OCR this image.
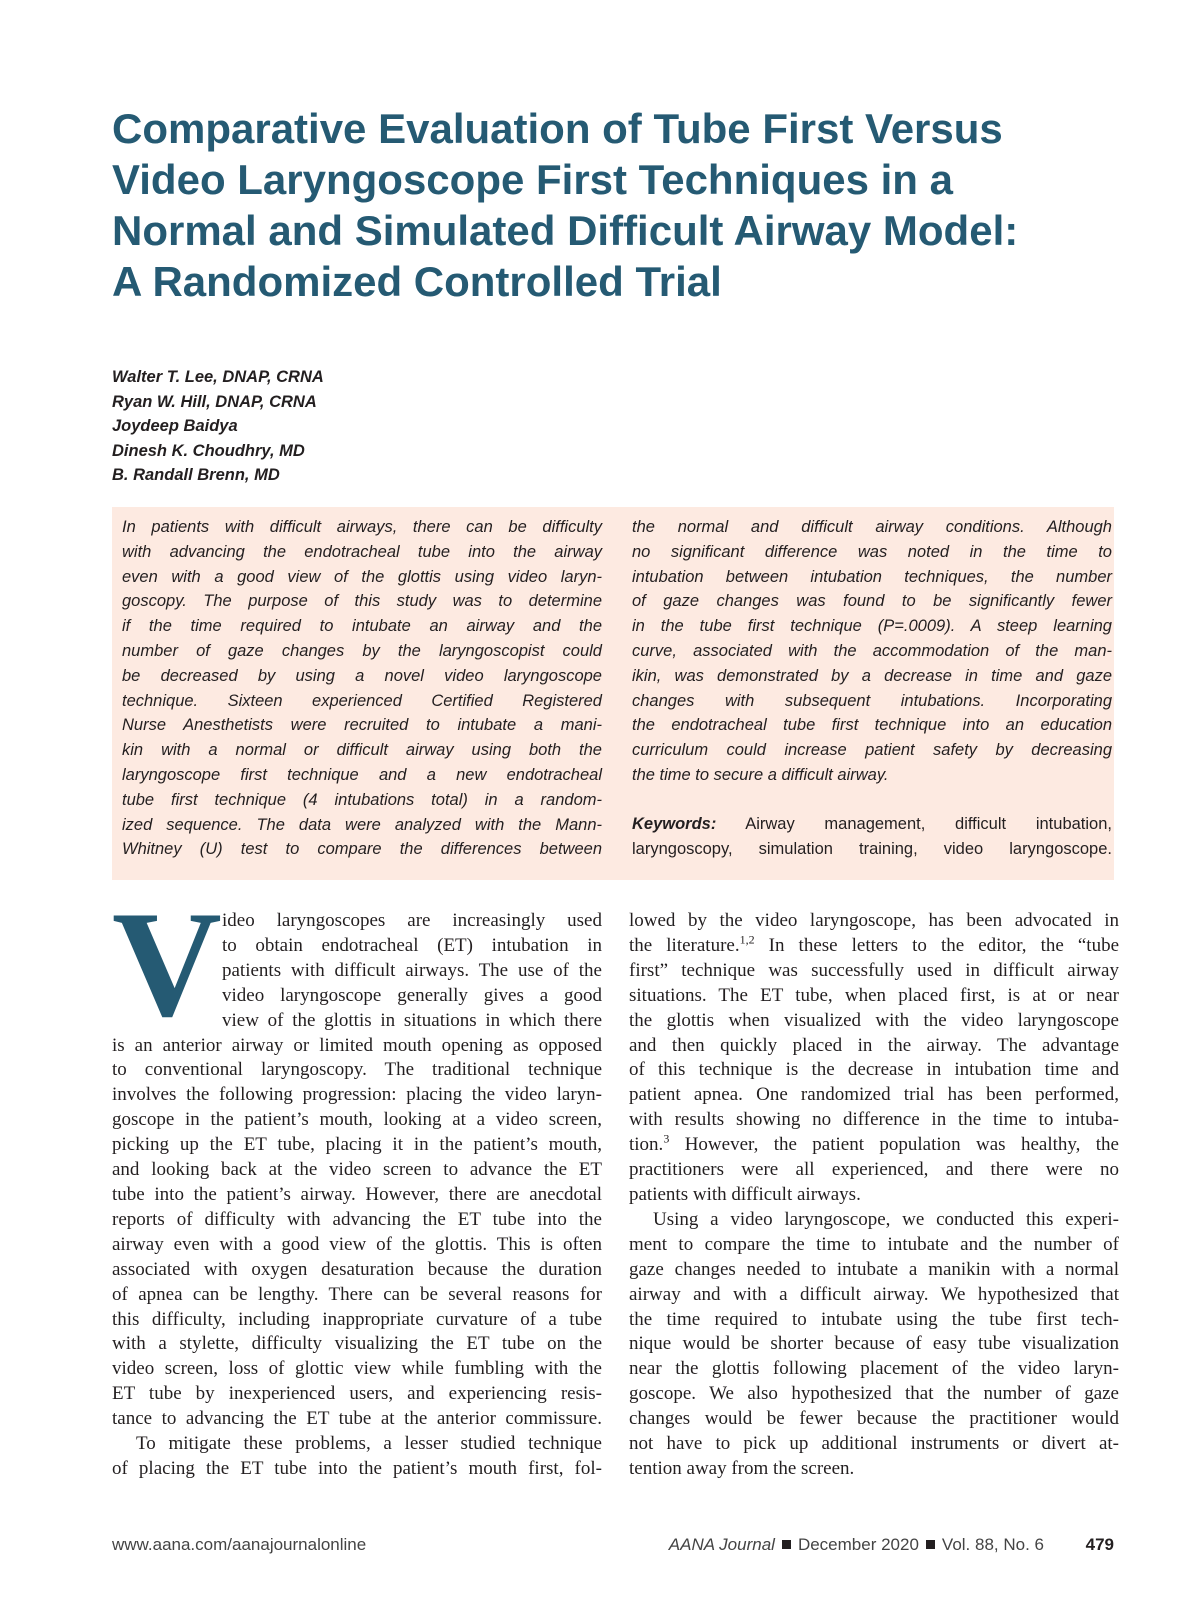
Comparative Evaluation of Tube First Versus
Video Laryngoscope First Techniques in a
Normal and Simulated Difficult Airway Model:
A Randomized Controlled Trial
Walter T. Lee, DNAP, CRNA
Ryan W. Hill, DNAP, CRNA
Joydeep Baidya
Dinesh K. Choudhry, MD
B. Randall Brenn, MD
In patients with difficult airways, there can be difficulty
with advancing the endotracheal tube into the airway
even with a good view of the glottis using video laryn-
goscopy. The purpose of this study was to determine
if the time required to intubate an airway and the
number of gaze changes by the laryngoscopist could
be decreased by using a novel video laryngoscope
technique. Sixteen experienced Certified Registered
Nurse Anesthetists were recruited to intubate a mani-
kin with a normal or difficult airway using both the
laryngoscope first technique and a new endotracheal
tube first technique (4 intubations total) in a random-
ized sequence. The data were analyzed with the Mann-
Whitney (U) test to compare the differences between
the normal and difficult airway conditions. Although
no significant difference was noted in the time to
intubation between intubation techniques, the number
of gaze changes was found to be significantly fewer
in the tube first technique (P=.0009). A steep learning
curve, associated with the accommodation of the man-
ikin, was demonstrated by a decrease in time and gaze
changes with subsequent intubations. Incorporating
the endotracheal tube first technique into an education
curriculum could increase patient safety by decreasing
the time to secure a difficult airway.
Keywords: Airway management, difficult intubation,
laryngoscopy, simulation training, video laryngoscope.
V ideo laryngoscopes are increasingly used
to obtain endotracheal (ET) intubation in
patients with difficult airways. The use of the
video laryngoscope generally gives a good
view of the glottis in situations in which there
is an anterior airway or limited mouth opening as opposed
to conventional laryngoscopy. The traditional technique
involves the following progression: placing the video laryn-
goscope in the patient’s mouth, looking at a video screen,
picking up the ET tube, placing it in the patient’s mouth,
and looking back at the video screen to advance the ET
tube into the patient’s airway. However, there are anecdotal
reports of difficulty with advancing the ET tube into the
airway even with a good view of the glottis. This is often
associated with oxygen desaturation because the duration
of apnea can be lengthy. There can be several reasons for
this difficulty, including inappropriate curvature of a tube
with a stylette, difficulty visualizing the ET tube on the
video screen, loss of glottic view while fumbling with the
ET tube by inexperienced users, and experiencing resis-
tance to advancing the ET tube at the anterior commissure.
To mitigate these problems, a lesser studied technique
of placing the ET tube into the patient’s mouth first, fol-
lowed by the video laryngoscope, has been advocated in
the literature.$^{1,2}$ In these letters to the editor, the “tube
first” technique was successfully used in difficult airway
situations. The ET tube, when placed first, is at or near
the glottis when visualized with the video laryngoscope
and then quickly placed in the airway. The advantage
of this technique is the decrease in intubation time and
patient apnea. One randomized trial has been performed,
with results showing no difference in the time to intuba-
tion.$^3$ However, the patient population was healthy, the
practitioners were all experienced, and there were no
patients with difficult airways.
Using a video laryngoscope, we conducted this experi-
ment to compare the time to intubate and the number of
gaze changes needed to intubate a manikin with a normal
airway and with a difficult airway. We hypothesized that
the time required to intubate using the tube first tech-
nique would be shorter because of easy tube visualization
near the glottis following placement of the video laryn-
goscope. We also hypothesized that the number of gaze
changes would be fewer because the practitioner would
not have to pick up additional instruments or divert at-
tention away from the screen.
www.aana.com/aanajournalonline	AANA Journal December 2020 Vol. 88, No. 6 479
